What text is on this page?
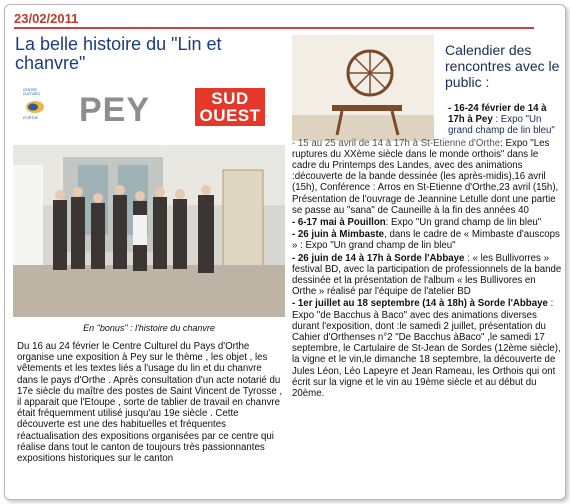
23/02/2011
La belle histoire du "Lin et
chanvre"
CENTRE
CULTUREL
D'ORTHE PEY	SUD
OUEST
En "bonus" : l'histoire du chanvre
Du 16 au 24 février le Centre Culturel du Pays d'Orthe organise une exposition à Pey sur le thème , les objet , les vêtements et les textes liés a l'usage du lin et du chanvre dans le pays d'Orthe . Après consultation d'un acte notarié du 17e siècle du maître des postes de Saint Vincent de Tyrosse , il apparait que l'Etoupe , sorte de tablier de travail en chanvre était fréquemment utilisé jusqu'au 19e siècle . Cette découverte est une des habituelles et fréquentes réactualisation des expositions organisées par ce centre qui réalise dans tout le canton de toujours très passionnantes expositions historiques sur le canton
Calendier des rencontres avec le public :
- 16-24 février de 14 à 17h à Pey : Expo "Un grand champ de lin bleu"
- 15 au 25 avril de 14 à 17h à St-Etienne d'Orthe: Expo "Les ruptures du XXème siècle dans le monde orthois" dans le cadre du Printemps des Landes, avec des animations :découverte de la bande dessinée (les après-midis),16 avril (15h), Conférence : Arros en St-Etienne d'Orthe,23 avril (15h), Présentation de l'ouvrage de Jeannine Letulle dont une partie se passe au "sana" de Cauneille à la fin des années 40
- 6-17 mai à Pouillon: Expo "Un grand champ de lin bleu"
- 26 juin à Mimbaste, dans le cadre de « Mimbaste d'auscops » : Expo "Un grand champ de lin bleu"
- 26 juin de 14 à 17h à Sorde l'Abbaye : « les Bullivorres » festival BD, avec la participation de professionnels de la bande dessinée et la présentation de l'album « les Bullivores en Orthe » réalisé par l'équipe de l'atelier BD
- 1er juillet au 18 septembre (14 à 18h) à Sorde l'Abbaye : Expo "de Bacchus à Baco" avec des animations diverses durant l'exposition, dont :le samedi 2 juillet, présentation du Cahier d'Orthenses n°2 "De Bacchus àBaco" ,le samedi 17 septembre, le Cartulaire de St-Jean de Sordes (12ème siècle), la vigne et le vin,le dimanche 18 septembre, la découverte de Jules Léon, Léo Lapeyre et Jean Rameau, les Orthois qui ont écrit sur la vigne et le vin au 19ème siècle et au début du 20ème.
